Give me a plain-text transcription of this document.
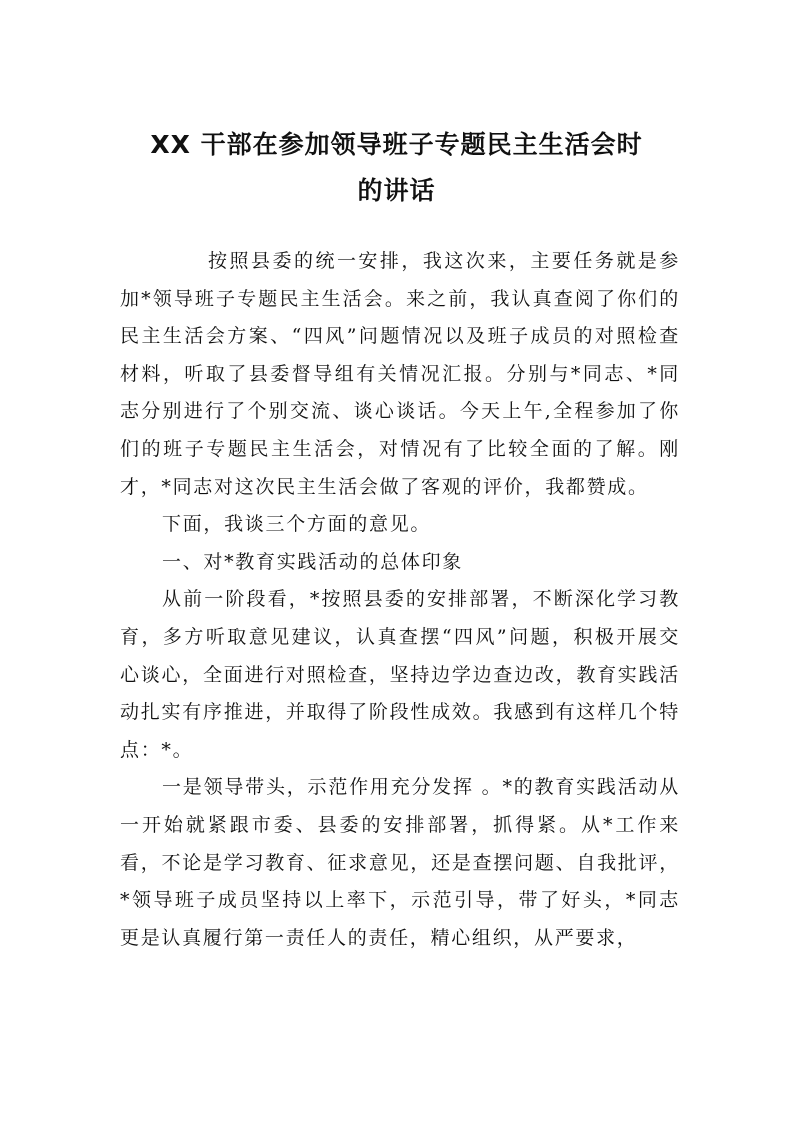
XX 干部在参加领导班子专题民主生活会时
的讲话

按照县委的统一安排，我这次来，主要任务就是参加*领导班子专题民主生活会。来之前，我认真查阅了你们的民主生活会方案、“四风”问题情况以及班子成员的对照检查材料，听取了县委督导组有关情况汇报。分别与*同志、*同志分别进行了个别交流、谈心谈话。今天上午,全程参加了你们的班子专题民主生活会，对情况有了比较全面的了解。刚才，*同志对这次民主生活会做了客观的评价，我都赞成。

下面，我谈三个方面的意见。

一、对*教育实践活动的总体印象

从前一阶段看，*按照县委的安排部署，不断深化学习教育，多方听取意见建议，认真查摆“四风”问题，积极开展交心谈心，全面进行对照检查，坚持边学边查边改，教育实践活动扎实有序推进，并取得了阶段性成效。我感到有这样几个特点：*。

一是领导带头，示范作用充分发挥 。*的教育实践活动从一开始就紧跟市委、县委的安排部署，抓得紧。从*工作来看，不论是学习教育、征求意见，还是查摆问题、自我批评，*领导班子成员坚持以上率下，示范引导，带了好头，*同志更是认真履行第一责任人的责任，精心组织，从严要求，
